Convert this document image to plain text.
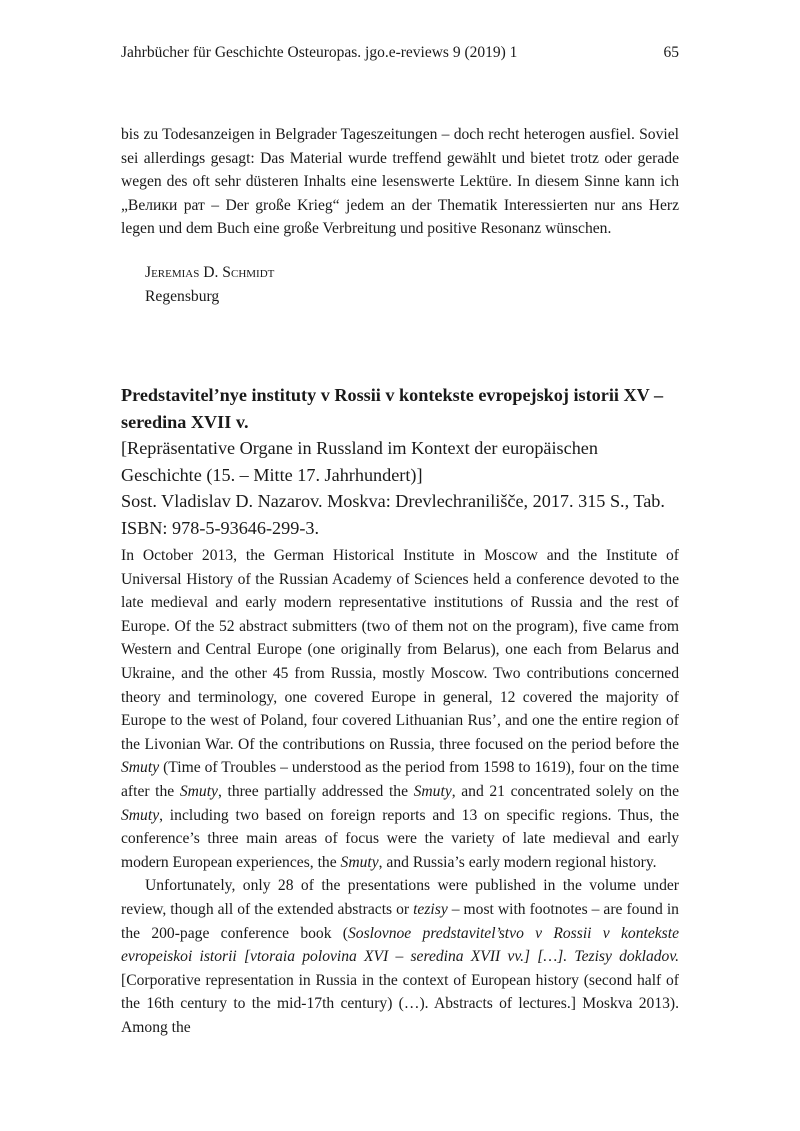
Jahrbücher für Geschichte Osteuropas. jgo.e-reviews 9 (2019) 1	65

bis zu Todesanzeigen in Belgrader Tageszeitungen – doch recht heterogen ausfiel. Soviel sei allerdings gesagt: Das Material wurde treffend gewählt und bietet trotz oder gerade wegen des oft sehr düsteren Inhalts eine lesenswerte Lektüre. In diesem Sinne kann ich „Велики рат – Der große Krieg“ jedem an der Thematik Interessierten nur ans Herz legen und dem Buch eine große Verbreitung und positive Resonanz wünschen.

Jeremias D. Schmidt
Regensburg
Predstavitel’nye instituty v Rossii v kontekste evropejskoj istorii XV – seredina XVII v.
[Repräsentative Organe in Russland im Kontext der europäischen Geschichte (15. – Mitte 17. Jahrhundert)]
Sost. Vladislav D. Nazarov. Moskva: Drevlechranilišče, 2017. 315 S., Tab.
ISBN: 978-5-93646-299-3.

In October 2013, the German Historical Institute in Moscow and the Institute of Universal History of the Russian Academy of Sciences held a conference devoted to the late medieval and early modern representative institutions of Russia and the rest of Europe. Of the 52 abstract submitters (two of them not on the program), five came from Western and Central Europe (one originally from Belarus), one each from Belarus and Ukraine, and the other 45 from Russia, mostly Moscow. Two contributions concerned theory and terminology, one covered Europe in general, 12 covered the majority of Europe to the west of Poland, four covered Lithuanian Rus’, and one the entire region of the Livonian War. Of the contributions on Russia, three focused on the period before the Smuty (Time of Troubles – understood as the period from 1598 to 1619), four on the time after the Smuty, three partially addressed the Smuty, and 21 concentrated solely on the Smuty, including two based on foreign reports and 13 on specific regions. Thus, the conference’s three main areas of focus were the variety of late medieval and early modern European experiences, the Smuty, and Russia’s early modern regional history.

Unfortunately, only 28 of the presentations were published in the volume under review, though all of the extended abstracts or tezisy – most with footnotes – are found in the 200-page conference book (Soslovnoe predstavitel’stvo v Rossii v kontekste evropeiskoi istorii [vtoraia polovina XVI – seredina XVII vv.] […]. Tezisy dokladov. [Corporative representation in Russia in the context of European history (second half of the 16th century to the mid-17th century) (…). Abstracts of lectures.] Moskva 2013). Among the
